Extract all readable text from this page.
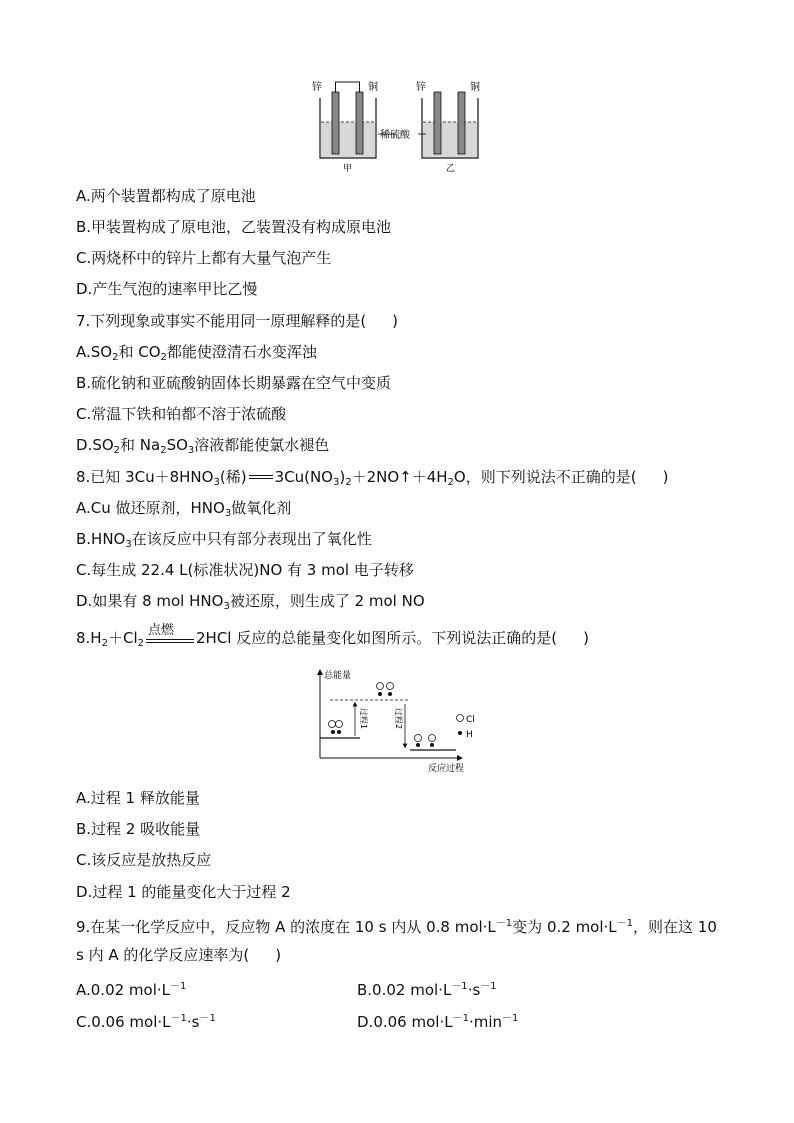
锌	铜	锌	铜
稀硫酸
甲	乙
A.两个装置都构成了原电池
B.甲装置构成了原电池，乙装置没有构成原电池
C.两烧杯中的锌片上都有大量气泡产生
D.产生气泡的速率甲比乙慢
7.下列现象或事实不能用同一原理解释的是( )
$A.SO_2$和 $CO_2$都能使澄清石水变浑浊
B.硫化钠和亚硫酸钠固体长期暴露在空气中变质
C.常温下铁和铂都不溶于浓硫酸
$D.SO_2$和 $Na_2SO_3$溶液都能使氯水褪色
8.已知 $3Cu+8HNO_3$(稀) $3Cu(NO_3)_2+2NO↑+4H_2O$，则下列说法不正确的是( )
A.Cu 做还原剂，$HNO_3$做氧化剂
$B.HNO_3$在该反应中只有部分表现出了氧化性
C.每生成 22.4 L(标准状况)NO 有 3 mol 电子转移
D.如果有 8 mol $HNO_3$被还原，则生成了 2 mol NO
$8.H_2+Cl_2$
点燃 2HCl 反应的总能量变化如图所示。下列说法正确的是( )
Cl
H
总能量
反应过程
过程1	过程2
A.过程 1 释放能量
B.过程 2 吸收能量
C.该反应是放热反应
D.过程 1 的能量变化大于过程 2
9.在某一化学反应中，反应物 A 的浓度在 10 s 内从 0.8 $mol\cdot L^{-1}$变为 0.2 $mol\cdot L^{-1}$，则在这 10
s 内 A 的化学反应速率为( )
A.0.02 $mol\cdot L^{-1}$	B.0.02 $mol\cdot L^{-1}\cdot s^{-1}$
C.0.06 $mol\cdot L^{-1}\cdot s^{-1}$	D.0.06 $mol\cdot L^{-1}\cdot\min^{-1}$
